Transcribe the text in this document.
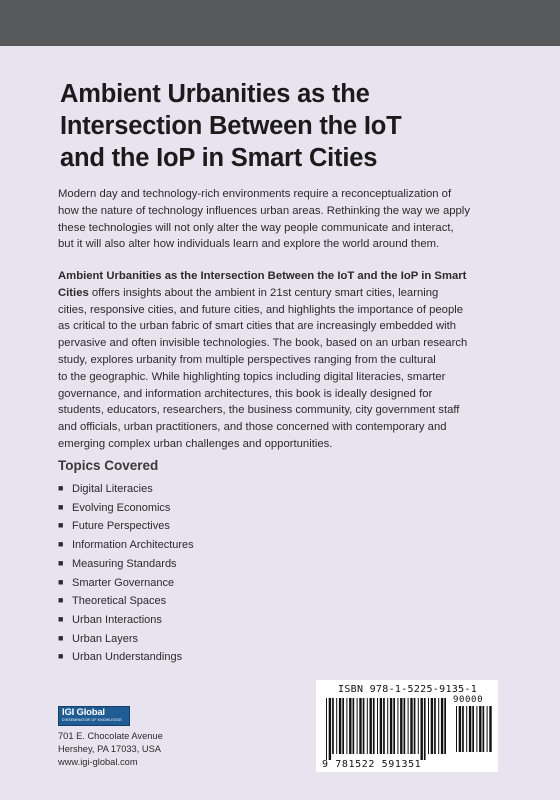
Ambient Urbanities as the
Intersection Between the IoT
and the IoP in Smart Cities

Modern day and technology-rich environments require a reconceptualization of
how the nature of technology influences urban areas. Rethinking the way we apply
these technologies will not only alter the way people communicate and interact,
but it will also alter how individuals learn and explore the world around them.

Ambient Urbanities as the Intersection Between the IoT and the IoP in Smart
Cities offers insights about the ambient in 21st century smart cities, learning
cities, responsive cities, and future cities, and highlights the importance of people
as critical to the urban fabric of smart cities that are increasingly embedded with
pervasive and often invisible technologies. The book, based on an urban research
study, explores urbanity from multiple perspectives ranging from the cultural
to the geographic. While highlighting topics including digital literacies, smarter
governance, and information architectures, this book is ideally designed for
students, educators, researchers, the business community, city government staff
and officials, urban practitioners, and those concerned with contemporary and
emerging complex urban challenges and opportunities.

Topics Covered
■ Digital Literacies
■ Evolving Economics
■ Future Perspectives
■ Information Architectures
■ Measuring Standards
■ Smarter Governance
■ Theoretical Spaces
■ Urban Interactions
■ Urban Layers
■ Urban Understandings
IGI Global
DISSEMINATOR OF KNOWLEDGE

701 E. Chocolate Avenue
Hershey, PA 17033, USA
www.igi-global.com

ISBN 978-1-5225-9135-1
90000
9 781522 591351
